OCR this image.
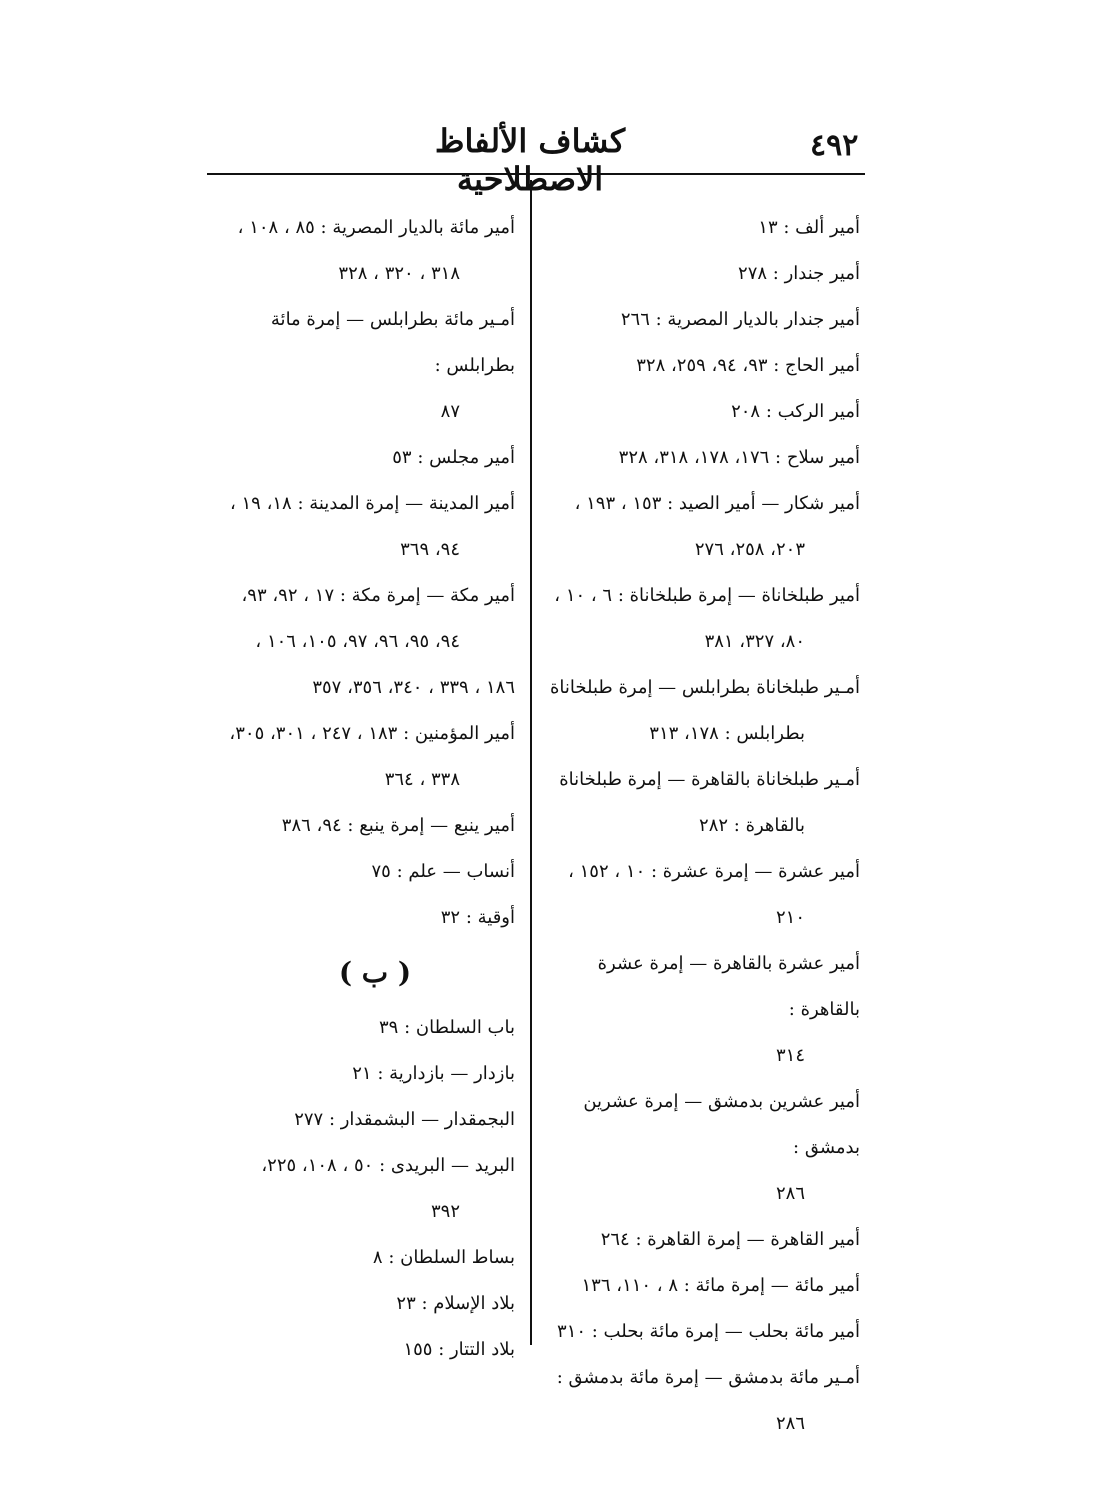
٤٩٢
كشاف الألفاظ الاصطلاحية
أمير ألف : ١٣
أمير جندار : ٢٧٨
أمير جندار بالديار المصرية : ٢٦٦
أمير الحاج : ٩٣، ٩٤، ٢٥٩، ٣٢٨
أمير الركب : ٢٠٨
أمير سلاح : ١٧٦، ١٧٨، ٣١٨، ٣٢٨
أمير شكار — أمير الصيد : ١٥٣ ، ١٩٣ ،
٢٠٣، ٢٥٨، ٢٧٦
أمير طبلخاناة — إمرة طبلخاناة : ٦ ، ١٠ ،
٨٠، ٣٢٧، ٣٨١
أمـير طبلخاناة بطرابلس — إمرة طبلخاناة
بطرابلس : ١٧٨، ٣١٣
أمـير طبلخاناة بالقاهرة — إمرة طبلخاناة
بالقاهرة : ٢٨٢
أمير عشرة — إمرة عشرة : ١٠ ، ١٥٢ ،
٢١٠
أمير عشرة بالقاهرة — إمرة عشرة بالقاهرة :
٣١٤
أمير عشرين بدمشق — إمرة عشرين بدمشق :
٢٨٦
أمير القاهرة — إمرة القاهرة : ٢٦٤
أمير مائة — إمرة مائة : ٨ ، ١١٠، ١٣٦
أمير مائة بحلب — إمرة مائة بحلب : ٣١٠
أمـير مائة بدمشق — إمرة مائة بدمشق :
٢٨٦
أمير مائة بالديار المصرية : ٨٥ ، ١٠٨ ،
٣١٨ ، ٣٢٠ ، ٣٢٨
أمـير مائة بطرابلس — إمرة مائة بطرابلس :
٨٧
أمير مجلس : ٥٣
أمير المدينة — إمرة المدينة : ١٨، ١٩ ،
٩٤، ٣٦٩
أمير مكة — إمرة مكة : ١٧ ، ٩٢، ٩٣،
٩٤، ٩٥، ٩٦، ٩٧، ١٠٥، ١٠٦ ،
١٨٦ ، ٣٣٩ ، ٣٤٠، ٣٥٦، ٣٥٧
أمير المؤمنين : ١٨٣ ، ٢٤٧ ، ٣٠١، ٣٠٥،
٣٣٨ ، ٣٦٤
أمير ينبع — إمرة ينبع : ٩٤، ٣٨٦
أنساب — علم : ٧٥
أوقية : ٣٢
( ب )
باب السلطان : ٣٩
بازدار — بازدارية : ٢١
البجمقدار — البشمقدار : ٢٧٧
البريد — البريدى : ٥٠ ، ١٠٨، ٢٢٥،
٣٩٢
بساط السلطان : ٨
بلاد الإسلام : ٢٣
بلاد التتار : ١٥٥
